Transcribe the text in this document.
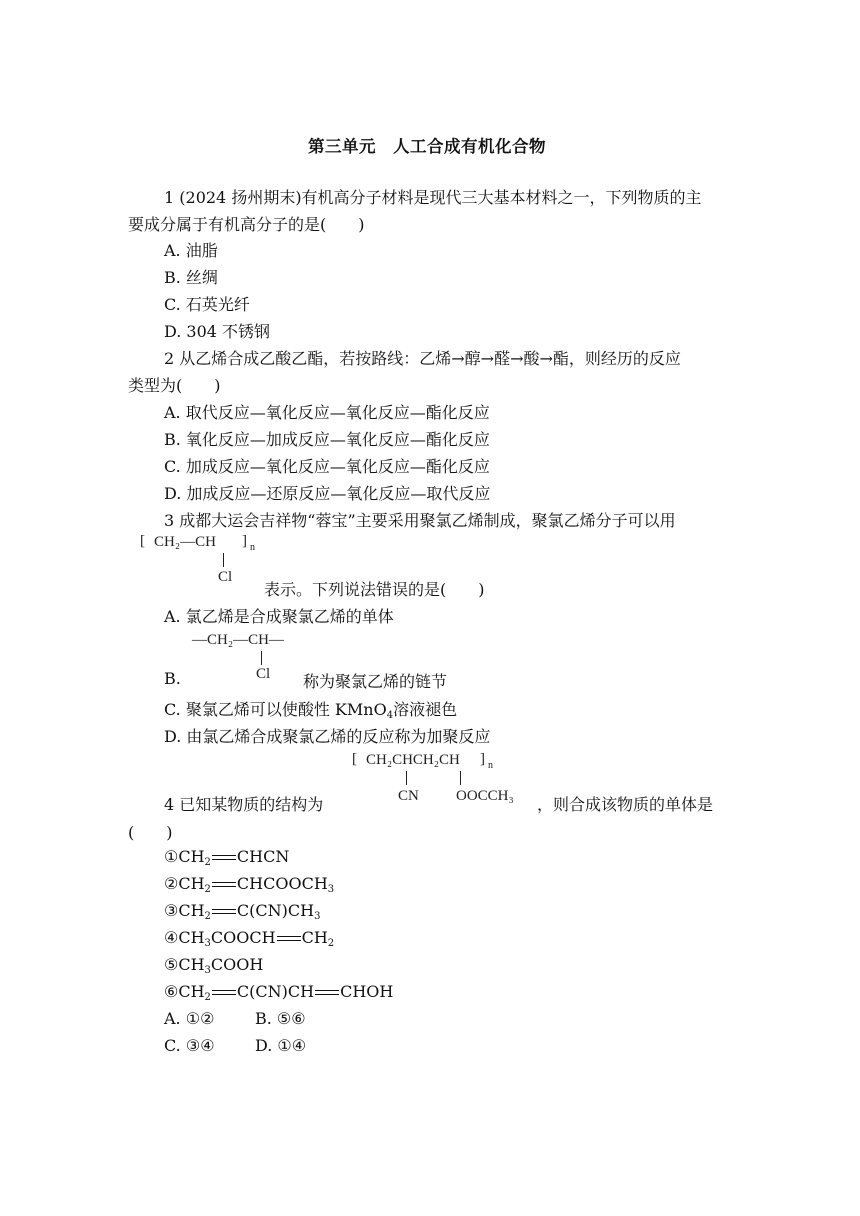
第三单元　人工合成有机化合物
1 (2024 扬州期末)有机高分子材料是现代三大基本材料之一，下列物质的主
要成分属于有机高分子的是(　　)
A. 油脂
B. 丝绸
C. 石英光纤
D. 304 不锈钢
2 从乙烯合成乙酸乙酯，若按路线：乙烯→醇→醛→酸→酯，则经历的反应
类型为(　　)
A. 取代反应—氧化反应—氧化反应—酯化反应
B. 氧化反应—加成反应—氧化反应—酯化反应
C. 加成反应—氧化反应—氧化反应—酯化反应
D. 加成反应—还原反应—氧化反应—取代反应
3 成都大运会吉祥物“蓉宝”主要采用聚氯乙烯制成，聚氯乙烯分子可以用
[ CH₂—CH ] n
Cl
表示。下列说法错误的是(　　)
A. 氯乙烯是合成聚氯乙烯的单体
B.
—CH₂—CH—
Cl 称为聚氯乙烯的链节
C. 聚氯乙烯可以使酸性 KMnO$_4$溶液褪色
D. 由氯乙烯合成聚氯乙烯的反应称为加聚反应
[ CH₂CHCH₂CH ] n
CN OOCCH₃
4 已知某物质的结构为	，则合成该物质的单体是
(　　)
$①CH_2$ CHCN
$②CH_2$ $CHCOOCH_3$
$③CH_2$ $C(CN)CH_3$
$④CH_3COOCH$ $CH_2$
$⑤CH_3COOH$
$⑥CH_2$ C(CN)CH CHOH
A. ①②	B. ⑤⑥
C. ③④	D. ①④
